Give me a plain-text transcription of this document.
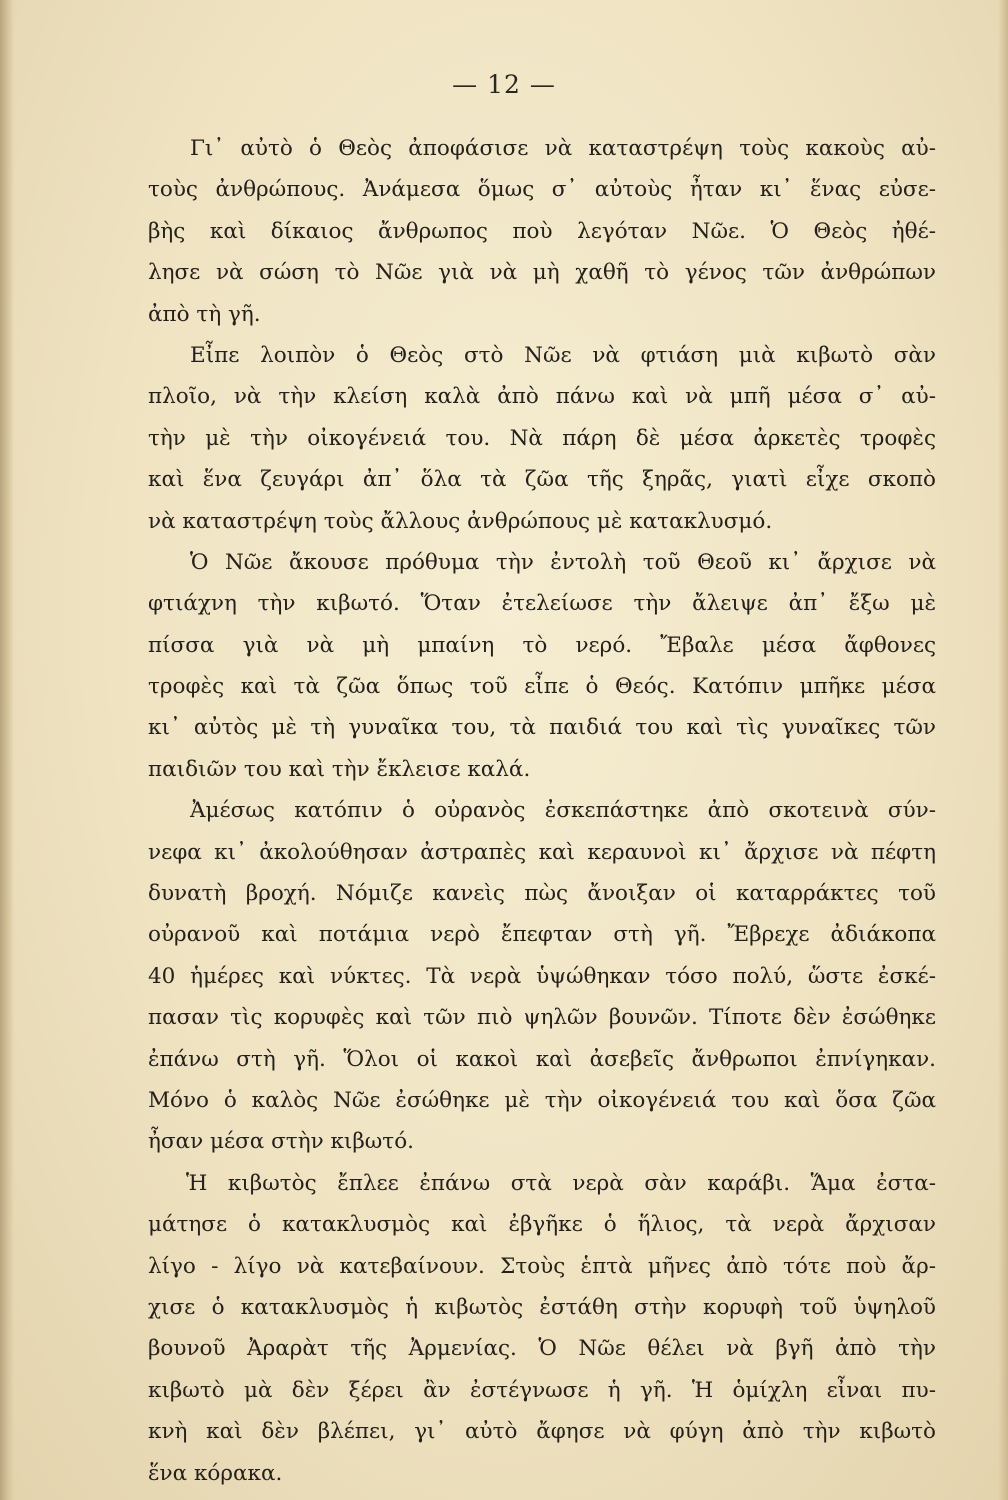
— 12 —
Γι᾽ αὐτὸ ὁ Θεὸς ἀποφάσισε νὰ καταστρέψη τοὺς κακοὺς αὐ-
τοὺς ἀνθρώπους. Ἀνάμεσα ὅμως σ᾽ αὐτοὺς ἦταν κι᾽ ἕνας εὐσε-
βὴς καὶ δίκαιος ἄνθρωπος ποὺ λεγόταν Νῶε. Ὁ Θεὸς ἠθέ-
λησε νὰ σώση τὸ Νῶε γιὰ νὰ μὴ χαθῆ τὸ γένος τῶν ἀνθρώπων
ἀπὸ τὴ γῆ.
Εἶπε λοιπὸν ὁ Θεὸς στὸ Νῶε νὰ φτιάση μιὰ κιβωτὸ σὰν
πλοῖο, νὰ τὴν κλείση καλὰ ἀπὸ πάνω καὶ νὰ μπῆ μέσα σ᾽ αὐ-
τὴν μὲ τὴν οἰκογένειά του. Νὰ πάρη δὲ μέσα ἀρκετὲς τροφὲς
καὶ ἕνα ζευγάρι ἀπ᾽ ὅλα τὰ ζῶα τῆς ξηρᾶς, γιατὶ εἶχε σκοπὸ
νὰ καταστρέψη τοὺς ἄλλους ἀνθρώπους μὲ κατακλυσμό.
Ὁ Νῶε ἄκουσε πρόθυμα τὴν ἐντολὴ τοῦ Θεοῦ κι᾽ ἄρχισε νὰ
φτιάχνη τὴν κιβωτό. Ὅταν ἐτελείωσε τὴν ἄλειψε ἀπ᾽ ἔξω μὲ
πίσσα γιὰ νὰ μὴ μπαίνη τὸ νερό. Ἔβαλε μέσα ἄφθονες
τροφὲς καὶ τὰ ζῶα ὅπως τοῦ εἶπε ὁ Θεός. Κατόπιν μπῆκε μέσα
κι᾽ αὐτὸς μὲ τὴ γυναῖκα του, τὰ παιδιά του καὶ τὶς γυναῖκες τῶν
παιδιῶν του καὶ τὴν ἔκλεισε καλά.
Ἀμέσως κατόπιν ὁ οὐρανὸς ἐσκεπάστηκε ἀπὸ σκοτεινὰ σύν-
νεφα κι᾽ ἀκολούθησαν ἀστραπὲς καὶ κεραυνοὶ κι᾽ ἄρχισε νὰ πέφτη
δυνατὴ βροχή. Νόμιζε κανεὶς πὼς ἄνοιξαν οἱ καταρράκτες τοῦ
οὐρανοῦ καὶ ποτάμια νερὸ ἔπεφταν στὴ γῆ. Ἔβρεχε ἀδιάκοπα
40 ἡμέρες καὶ νύκτες. Τὰ νερὰ ὑψώθηκαν τόσο πολύ, ὥστε ἐσκέ-
πασαν τὶς κορυφὲς καὶ τῶν πιὸ ψηλῶν βουνῶν. Τίποτε δὲν ἐσώθηκε
ἐπάνω στὴ γῆ. Ὅλοι οἱ κακοὶ καὶ ἀσεβεῖς ἄνθρωποι ἐπνίγηκαν.
Μόνο ὁ καλὸς Νῶε ἐσώθηκε μὲ τὴν οἰκογένειά του καὶ ὅσα ζῶα
ἦσαν μέσα στὴν κιβωτό.
Ἡ κιβωτὸς ἔπλεε ἐπάνω στὰ νερὰ σὰν καράβι. Ἅμα ἐστα-
μάτησε ὁ κατακλυσμὸς καὶ ἐβγῆκε ὁ ἥλιος, τὰ νερὰ ἄρχισαν
λίγο - λίγο νὰ κατεβαίνουν. Στοὺς ἑπτὰ μῆνες ἀπὸ τότε ποὺ ἄρ-
χισε ὁ κατακλυσμὸς ἡ κιβωτὸς ἐστάθη στὴν κορυφὴ τοῦ ὑψηλοῦ
βουνοῦ Ἀραρὰτ τῆς Ἀρμενίας. Ὁ Νῶε θέλει νὰ βγῆ ἀπὸ τὴν
κιβωτὸ μὰ δὲν ξέρει ἂν ἐστέγνωσε ἡ γῆ. Ἡ ὁμίχλη εἶναι πυ-
κνὴ καὶ δὲν βλέπει, γι᾽ αὐτὸ ἄφησε νὰ φύγη ἀπὸ τὴν κιβωτὸ
ἕνα κόρακα.
